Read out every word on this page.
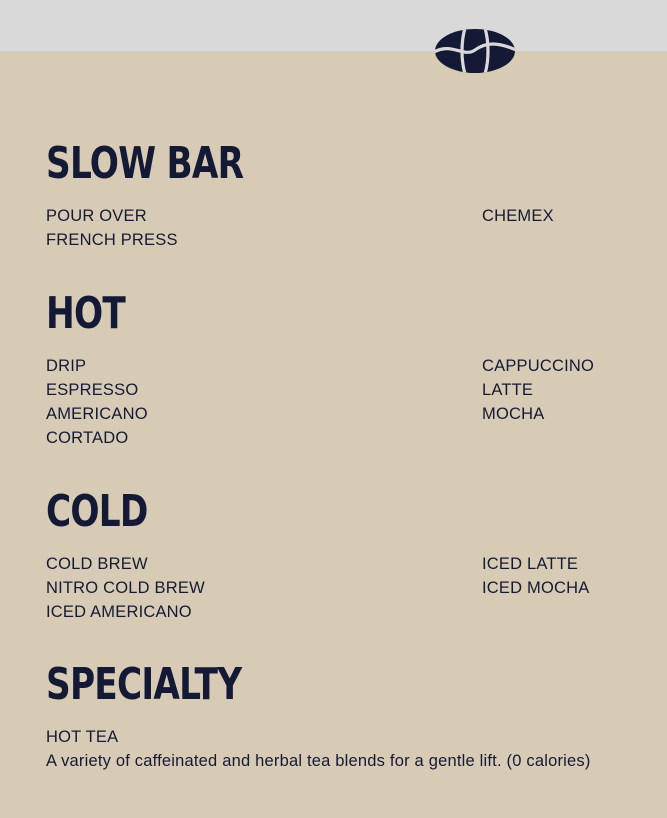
SLOW BAR
POUR OVER
FRENCH PRESS
CHEMEX
HOT
DRIP
ESPRESSO
AMERICANO
CORTADO
CAPPUCCINO
LATTE
MOCHA
COLD
COLD BREW
NITRO COLD BREW
ICED AMERICANO
ICED LATTE
ICED MOCHA
SPECIALTY
HOT TEA
A variety of caffeinated and herbal tea blends for a gentle lift. (0 calories)
